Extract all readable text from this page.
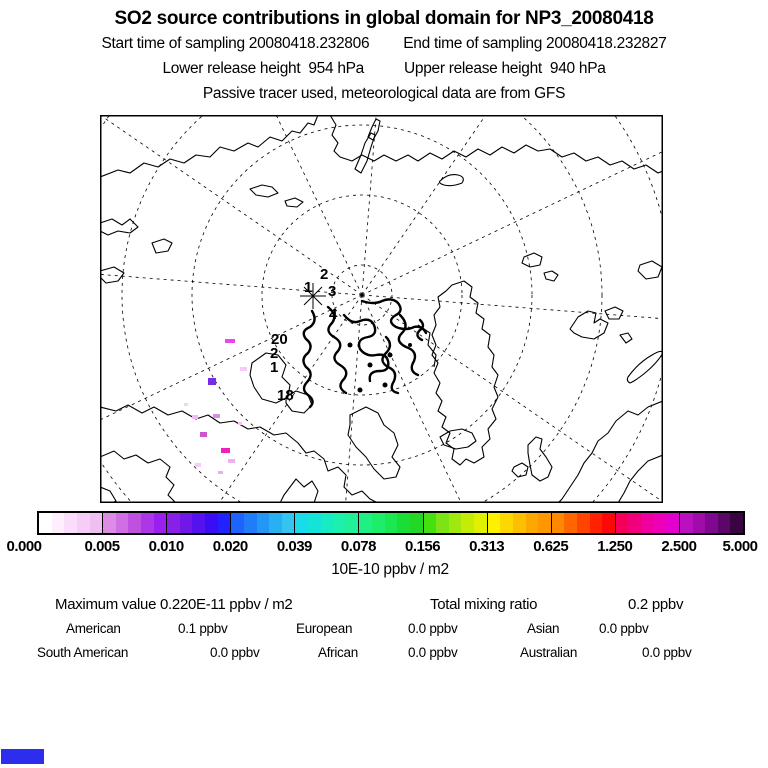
SO2 source contributions in global domain for NP3_20080418
Start time of sampling 20080418.232806 End time of sampling 20080418.232827
Lower release height  954 hPa	Upper release height  940 hPa
Passive tracer used, meteorological data are from GFS
1
2
3
4
20
2
1
18
0.000	0.005 0.010 0.020 0.039 0.078 0.156 0.313 0.625 1.250 2.500 5.000
10E-10 ppbv / m2
Maximum value 0.220E-11 ppbv / m2	Total mixing ratio	0.2 ppbv
American	0.1 ppbv	European	0.0 ppbv	Asian	0.0 ppbv
South American	0.0 ppbv	African	0.0 ppbv	Australian	0.0 ppbv
